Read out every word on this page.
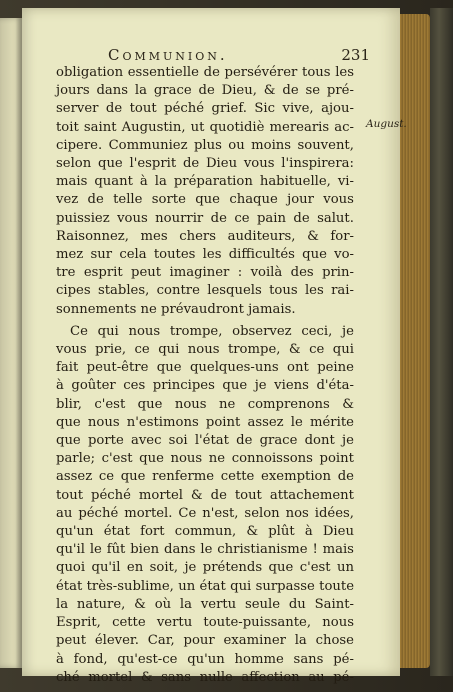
Communion.	231
August.
obligation essentielle de persévérer tous les
jours dans la grace de Dieu, & de se pré-
server de tout péché grief. Sic vive, ajou-
toit saint Augustin, ut quotidiè merearis ac-
cipere. Communiez plus ou moins souvent,
selon que l'esprit de Dieu vous l'inspirera:
mais quant à la préparation habituelle, vi-
vez de telle sorte que chaque jour vous
puissiez vous nourrir de ce pain de salut.
Raisonnez, mes chers auditeurs, & for-
mez sur cela toutes les difficultés que vo-
tre esprit peut imaginer : voilà des prin-
cipes stables, contre lesquels tous les rai-
sonnements ne prévaudront jamais.
Ce qui nous trompe, observez ceci, je
vous prie, ce qui nous trompe, & ce qui
fait peut-être que quelques-uns ont peine
à goûter ces principes que je viens d'éta-
blir, c'est que nous ne comprenons &
que nous n'estimons point assez le mérite
que porte avec soi l'état de grace dont je
parle; c'est que nous ne connoissons point
assez ce que renferme cette exemption de
tout péché mortel & de tout attachement
au péché mortel. Ce n'est, selon nos idées,
qu'un état fort commun, & plût à Dieu
qu'il le fût bien dans le christianisme ! mais
quoi qu'il en soit, je prétends que c'est un
état très-sublime, un état qui surpasse toute
la nature, & où la vertu seule du Saint-
Esprit, cette vertu toute-puissante, nous
peut élever. Car, pour examiner la chose
à fond, qu'est-ce qu'un homme sans pé-
ché mortel & sans nulle affection au pé-
